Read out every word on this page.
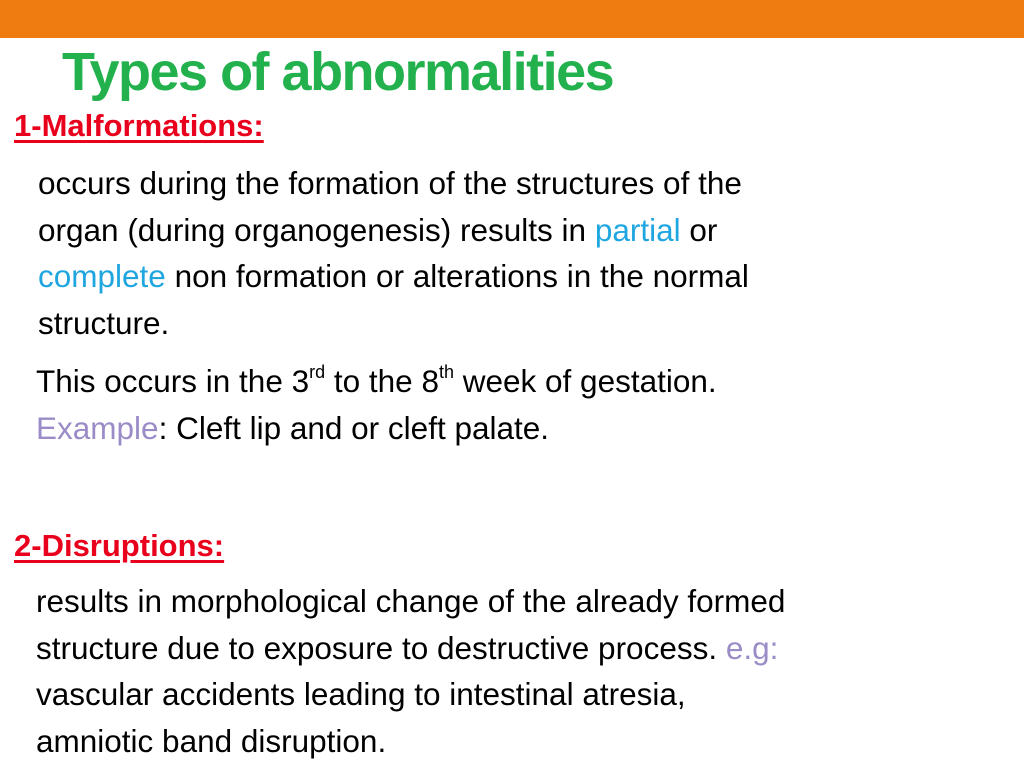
Types of abnormalities
1-Malformations:

occurs during the formation of the structures of the
organ (during organogenesis) results in partial or
complete non formation or alterations in the normal
structure.

This occurs in the 3rd to the 8th week of gestation.
Example: Cleft lip and or cleft palate.

2-Disruptions:

results in morphological change of the already formed
structure due to exposure to destructive process. e.g:
vascular accidents leading to intestinal atresia,
amniotic band disruption.
